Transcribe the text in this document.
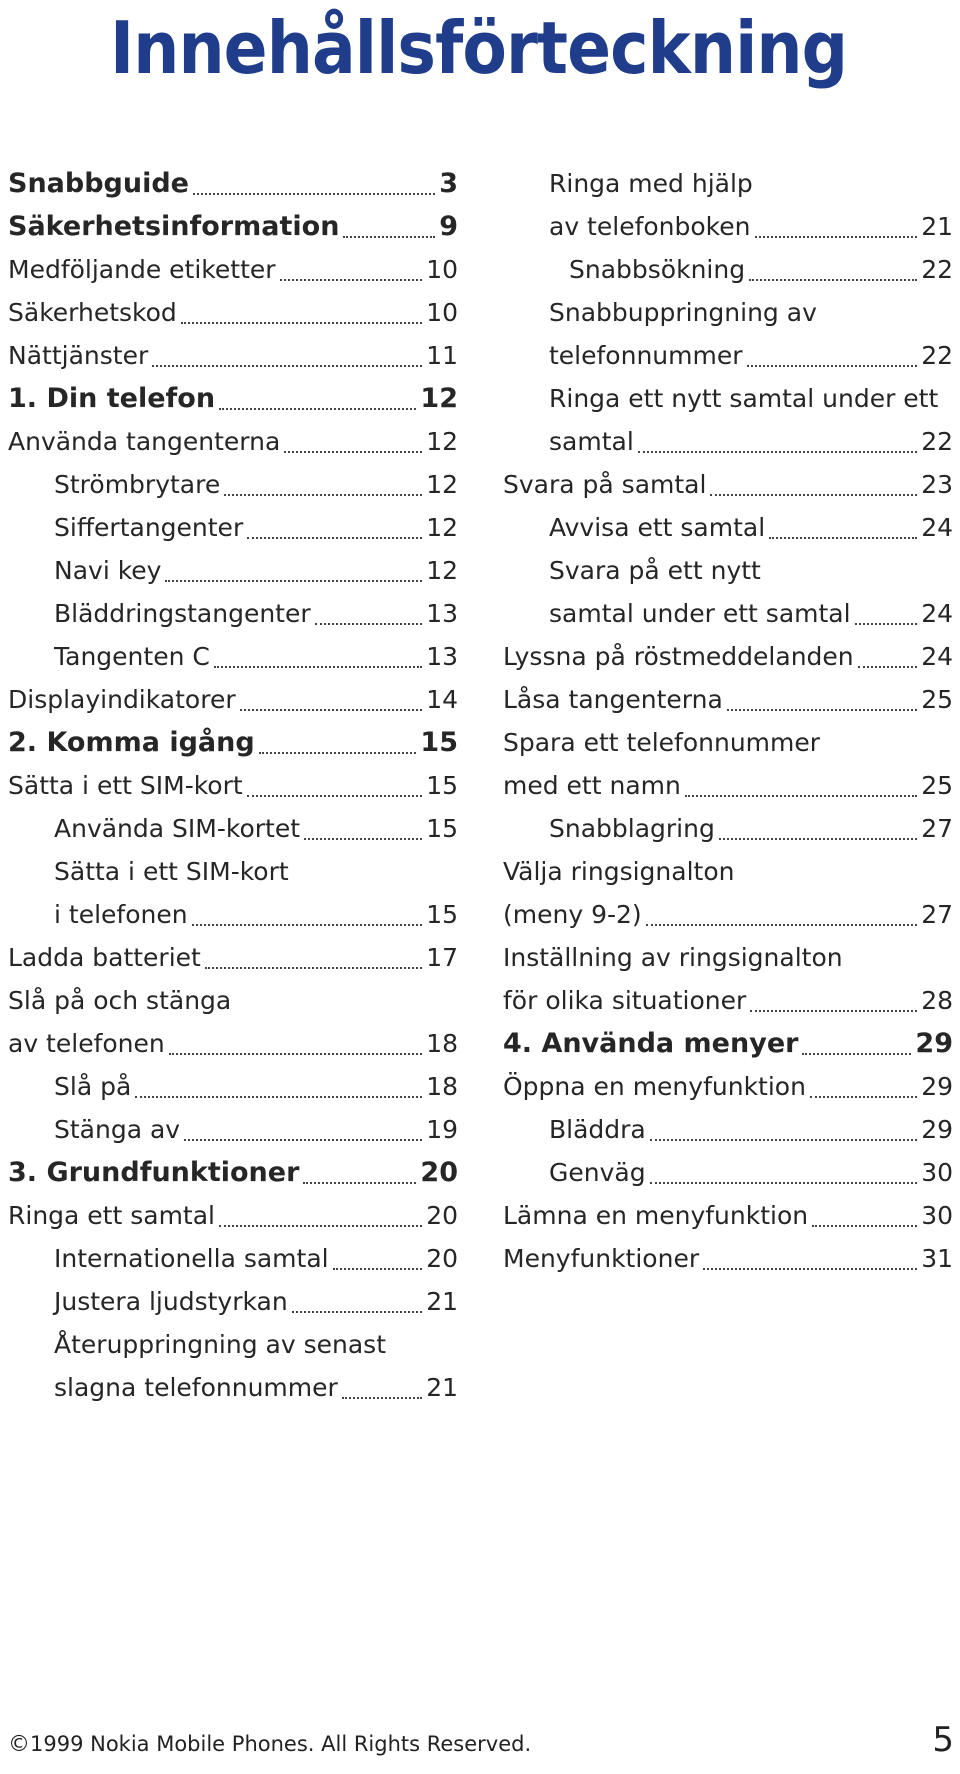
Innehållsförteckning
Snabbguide	3
Säkerhetsinformation	9
Medföljande etiketter	10
Säkerhetskod	10
Nättjänster	11
1. Din telefon	12
Använda tangenterna	12
Strömbrytare	12
Siffertangenter	12
Navi key	12
Bläddringstangenter	13
Tangenten C	13
Displayindikatorer	14
2. Komma igång	15
Sätta i ett SIM-kort	15
Använda SIM-kortet	15
Sätta i ett SIM-kort
i telefonen	15
Ladda batteriet	17
Slå på och stänga
av telefonen	18
Slå på	18
Stänga av	19
3. Grundfunktioner	20
Ringa ett samtal	20
Internationella samtal	20
Justera ljudstyrkan	21
Återuppringning av senast
slagna telefonnummer	21
Ringa med hjälp
av telefonboken	21
Snabbsökning	22
Snabbuppringning av
telefonnummer	22
Ringa ett nytt samtal under ett
samtal	22
Svara på samtal	23
Avvisa ett samtal	24
Svara på ett nytt
samtal under ett samtal	24
Lyssna på röstmeddelanden	24
Låsa tangenterna	25
Spara ett telefonnummer
med ett namn	25
Snabblagring	27
Välja ringsignalton
(meny 9-2)	27
Inställning av ringsignalton
för olika situationer	28
4. Använda menyer	29
Öppna en menyfunktion	29
Bläddra	29
Genväg	30
Lämna en menyfunktion	30
Menyfunktioner	31
©1999 Nokia Mobile Phones. All Rights Reserved.	5
